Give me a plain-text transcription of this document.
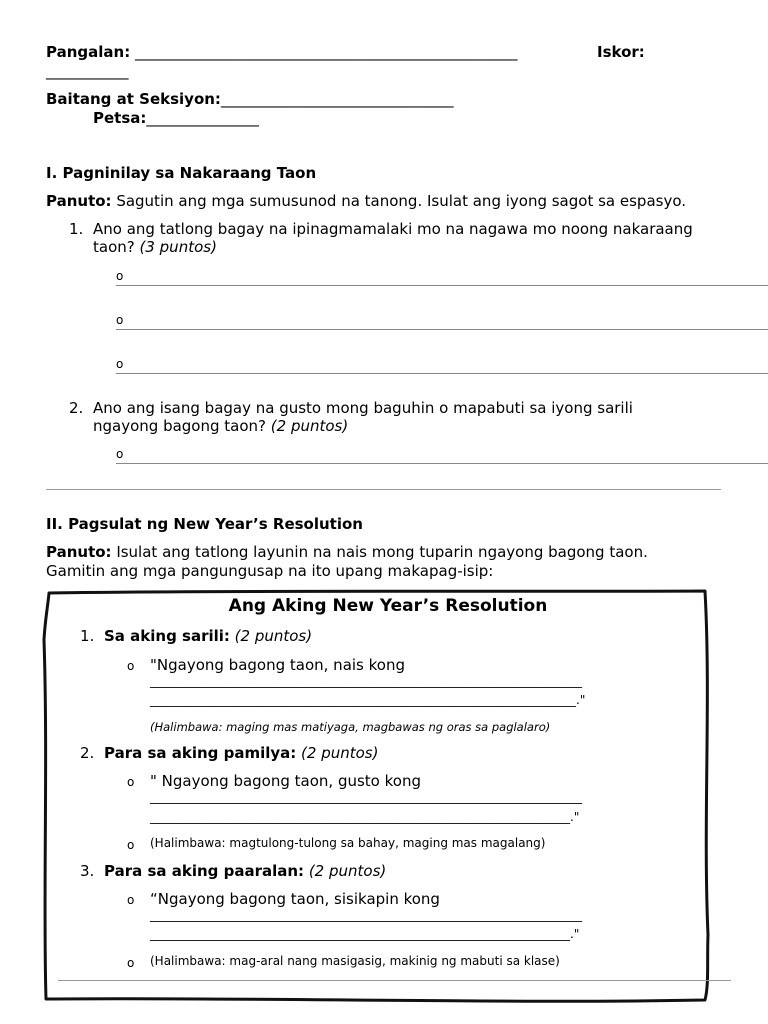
Pangalan: ___________________________________________________	Iskor:
___________
Baitang at Seksiyon:_______________________________
Petsa:_______________
I. Pagninilay sa Nakaraang Taon
Panuto: Sagutin ang mga sumusunod na tanong. Isulat ang iyong sagot sa espasyo.
1. Ano ang tatlong bagay na ipinagmamalaki mo na nagawa mo noong nakaraang
taon? (3 puntos)
o
o
o
2. Ano ang isang bagay na gusto mong baguhin o mapabuti sa iyong sarili
ngayong bagong taon? (2 puntos)
o
II. Pagsulat ng New Year’s Resolution
Panuto: Isulat ang tatlong layunin na nais mong tuparin ngayong bagong taon.
Gamitin ang mga pangungusap na ito upang makapag-isip:
Ang Aking New Year’s Resolution
1. Sa aking sarili: (2 puntos)
o "Ngayong bagong taon, nais kong
________________________________________________________________________
_______________________________________________________________________."
(Halimbawa: maging mas matiyaga, magbawas ng oras sa paglalaro)
2. Para sa aking pamilya: (2 puntos)
o " Ngayong bagong taon, gusto kong
________________________________________________________________________
______________________________________________________________________."
o (Halimbawa: magtulong-tulong sa bahay, maging mas magalang)
3. Para sa aking paaralan: (2 puntos)
o “Ngayong bagong taon, sisikapin kong
________________________________________________________________________
______________________________________________________________________."
o (Halimbawa: mag-aral nang masigasig, makinig ng mabuti sa klase)
